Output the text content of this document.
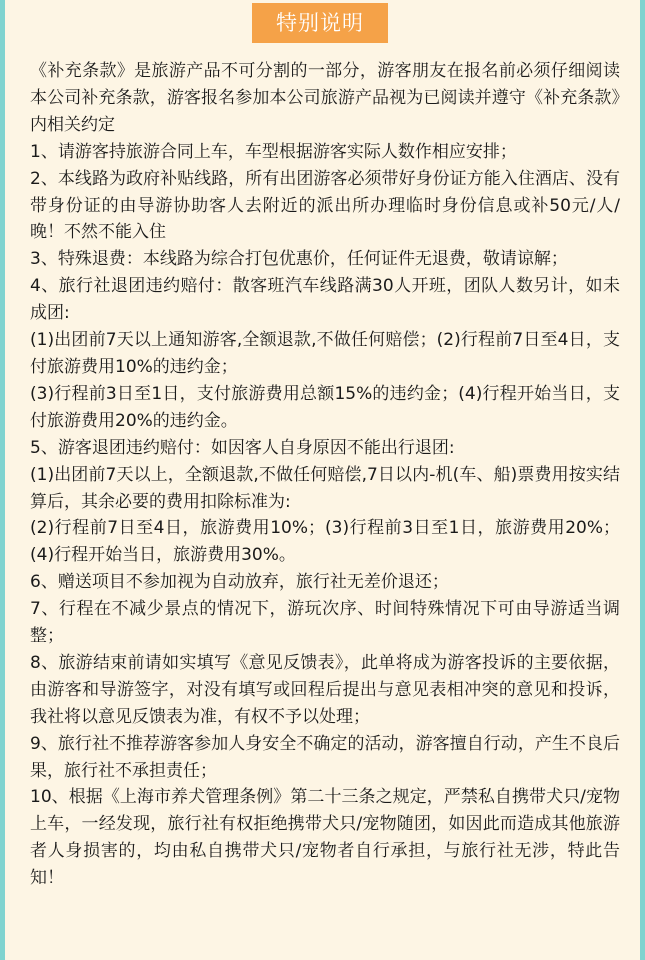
特别说明

《补充条款》是旅游产品不可分割的一部分，游客朋友在报名前必须仔细阅读本公司补充条款，游客报名参加本公司旅游产品视为已阅读并遵守《补充条款》内相关约定

1、请游客持旅游合同上车，车型根据游客实际人数作相应安排；

2、本线路为政府补贴线路，所有出团游客必须带好身份证方能入住酒店、没有带身份证的由导游协助客人去附近的派出所办理临时身份信息或补50元/人/晚！不然不能入住

3、特殊退费：本线路为综合打包优惠价，任何证件无退费，敬请谅解；

4、旅行社退团违约赔付：散客班汽车线路满30人开班，团队人数另计，如未成团:

(1)出团前7天以上通知游客,全额退款,不做任何赔偿；(2)行程前7日至4日，支付旅游费用10%的违约金；

(3)行程前3日至1日，支付旅游费用总额15%的违约金；(4)行程开始当日，支付旅游费用20%的违约金。

5、游客退团违约赔付：如因客人自身原因不能出行退团:

(1)出团前7天以上，全额退款,不做任何赔偿,7日以内-机(车、船)票费用按实结算后，其余必要的费用扣除标准为:

(2)行程前7日至4日，旅游费用10%；(3)行程前3日至1日，旅游费用20%；(4)行程开始当日，旅游费用30%。

6、赠送项目不参加视为自动放弃，旅行社无差价退还；

7、行程在不减少景点的情况下，游玩次序、时间特殊情况下可由导游适当调整；

8、旅游结束前请如实填写《意见反馈表》，此单将成为游客投诉的主要依据，由游客和导游签字，对没有填写或回程后提出与意见表相冲突的意见和投诉，我社将以意见反馈表为准，有权不予以处理；

9、旅行社不推荐游客参加人身安全不确定的活动，游客擅自行动，产生不良后果，旅行社不承担责任；

10、根据《上海市养犬管理条例》第二十三条之规定，严禁私自携带犬只/宠物上车，一经发现，旅行社有权拒绝携带犬只/宠物随团，如因此而造成其他旅游者人身损害的，均由私自携带犬只/宠物者自行承担，与旅行社无涉，特此告知！
